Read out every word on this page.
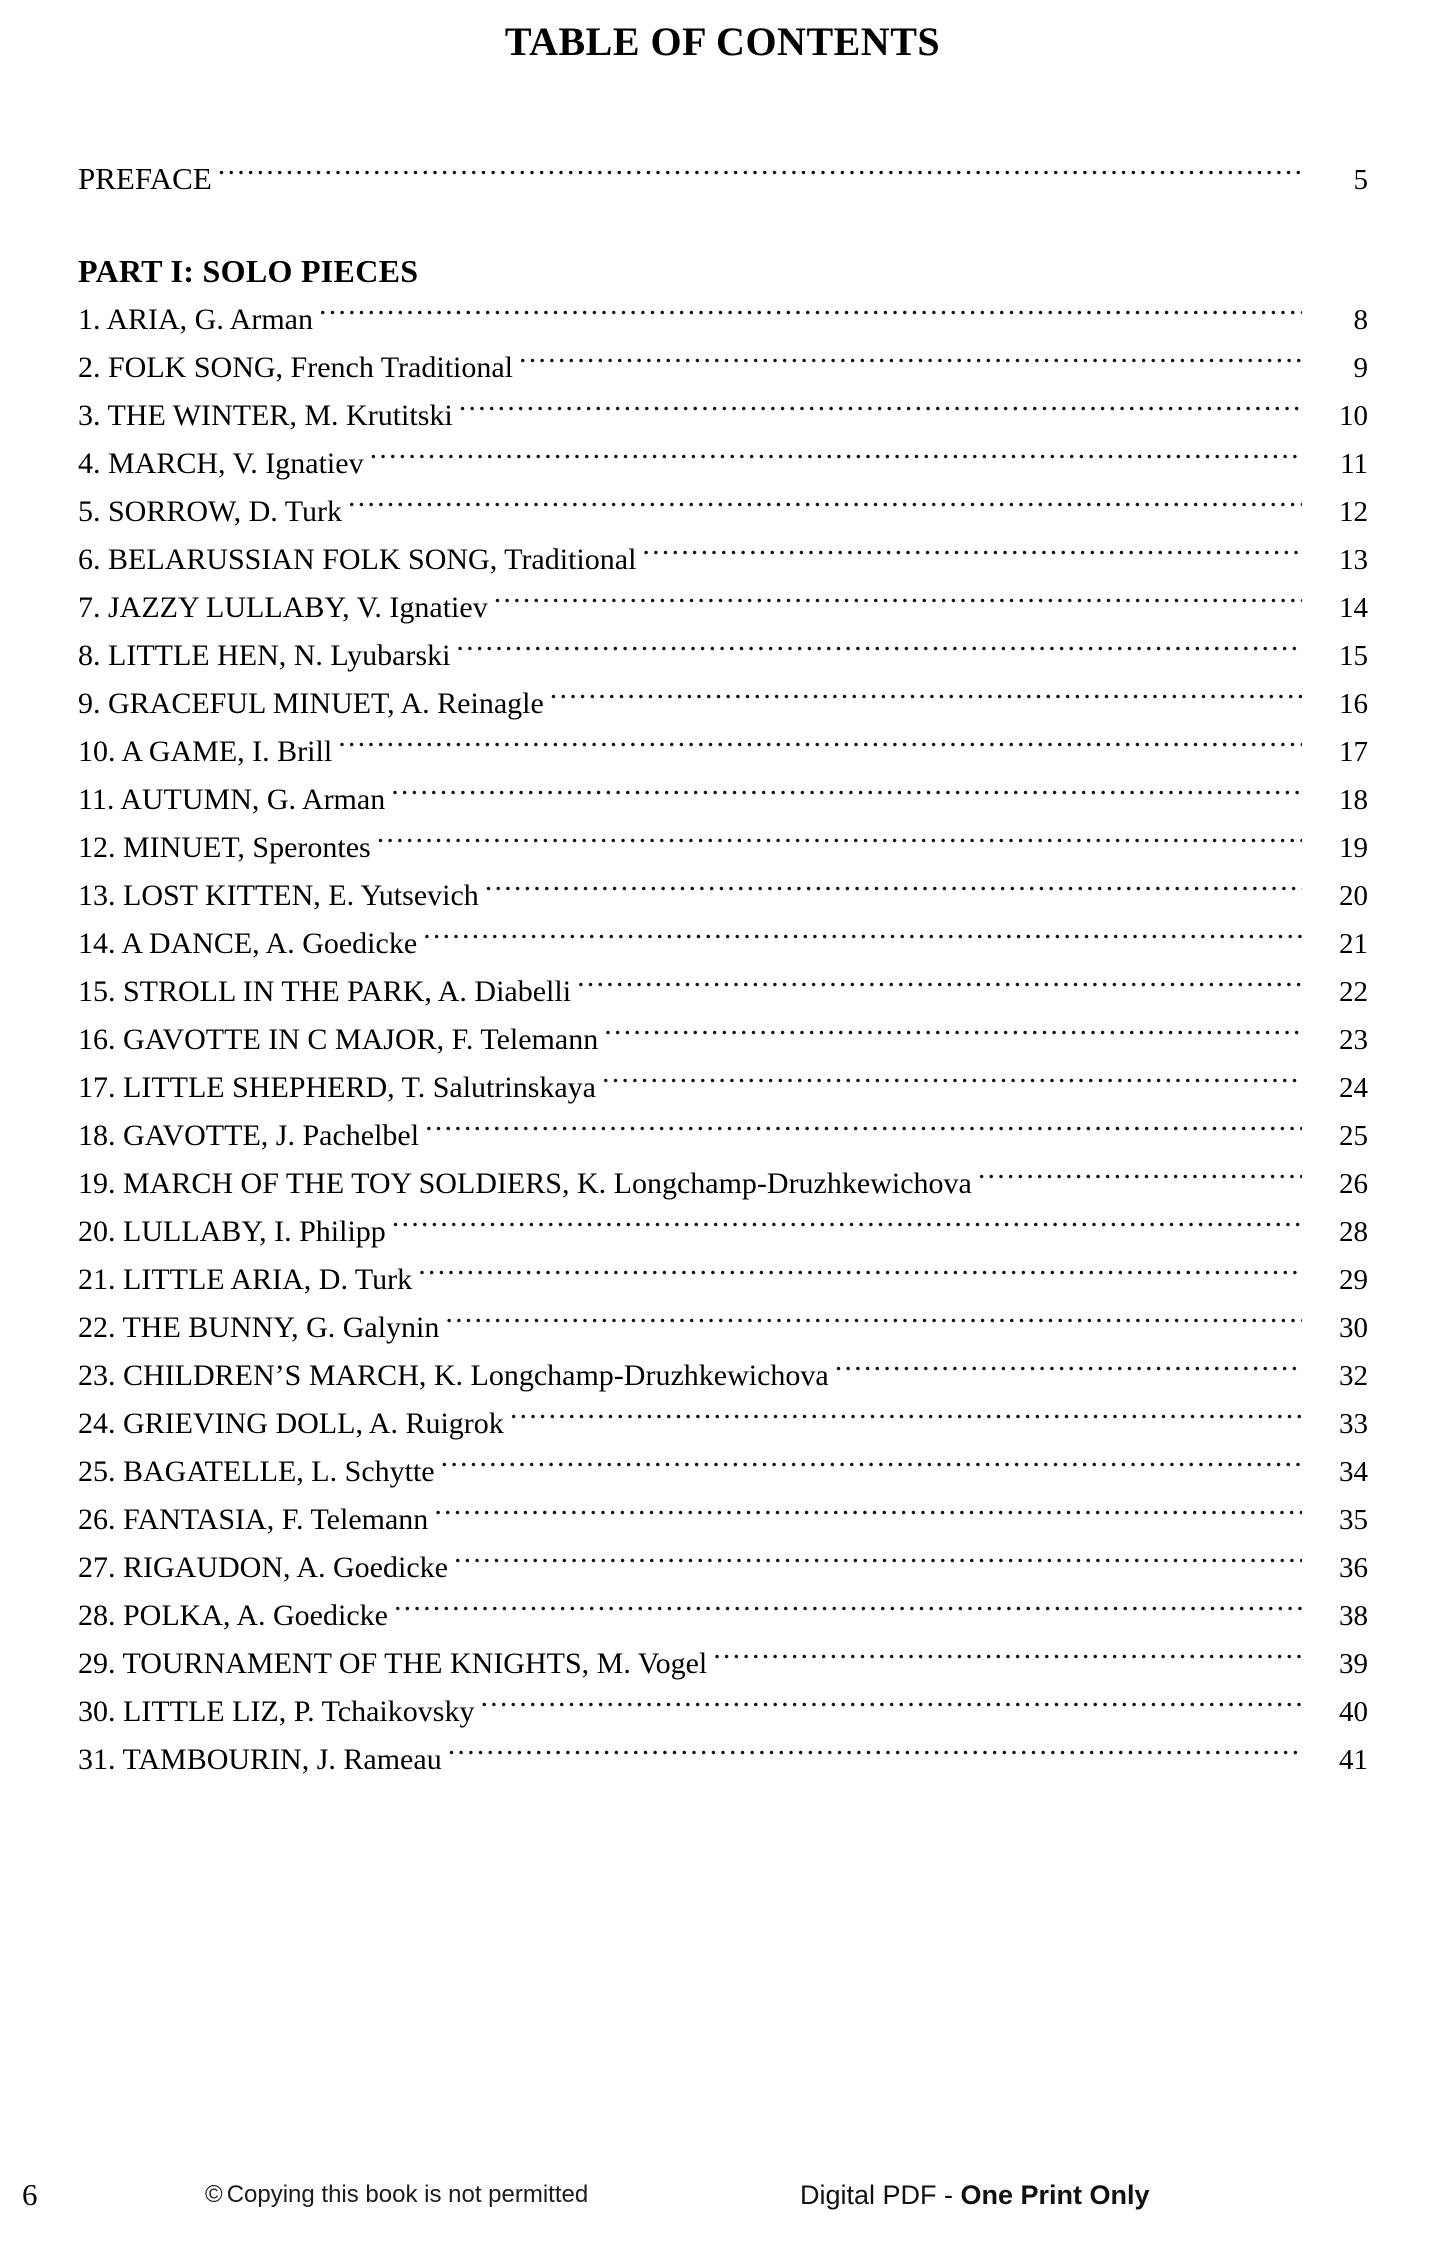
TABLE OF CONTENTS
PREFACE .....	5
PART I: SOLO PIECES
1. ARIA, G. Arman .....	8
2. FOLK SONG, French Traditional .....	9
3. THE WINTER, M. Krutitski .....	10
4. MARCH, V. Ignatiev .....	11
5. SORROW, D. Turk .....	12
6. BELARUSSIAN FOLK SONG, Traditional .....	13
7. JAZZY LULLABY, V. Ignatiev .....	14
8. LITTLE HEN, N. Lyubarski .....	15
9. GRACEFUL MINUET, A. Reinagle .....	16
10. A GAME, I. Brill .....	17
11. AUTUMN, G. Arman .....	18
12. MINUET, Sperontes .....	19
13. LOST KITTEN, E. Yutsevich .....	20
14. A DANCE, A. Goedicke .....	21
15. STROLL IN THE PARK, A. Diabelli .....	22
16. GAVOTTE IN C MAJOR, F. Telemann .....	23
17. LITTLE SHEPHERD, T. Salutrinskaya .....	24
18. GAVOTTE, J. Pachelbel .....	25
19. MARCH OF THE TOY SOLDIERS, K. Longchamp-Druzhkewichova .....	26
20. LULLABY, I. Philipp .....	28
21. LITTLE ARIA, D. Turk .....	29
22. THE BUNNY, G. Galynin .....	30
23. CHILDREN’S MARCH, K. Longchamp-Druzhkewichova .....	32
24. GRIEVING DOLL, A. Ruigrok .....	33
25. BAGATELLE, L. Schytte .....	34
26. FANTASIA, F. Telemann .....	35
27. RIGAUDON, A. Goedicke .....	36
28. POLKA, A. Goedicke .....	38
29. TOURNAMENT OF THE KNIGHTS, M. Vogel .....	39
30. LITTLE LIZ, P. Tchaikovsky .....	40
31. TAMBOURIN, J. Rameau .....	41
6	© Copying this book is not permitted	Digital PDF - One Print Only
